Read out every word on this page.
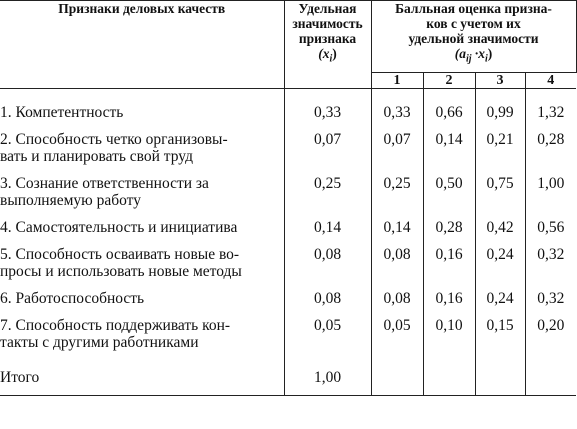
Признаки деловых качеств	Удельная
значимость
признака
$(x_i)$	Балльная оценка призна-
ков с учетом их
удельной значимости
$(a_{ij} \cdot x_i)$			

		1	2	3	4

1. Компетентность	0,33	0,33	0,66	0,99	1,32

2. Способность четко организовы-
вать и планировать свой труд	0,07	0,07	0,14	0,21	0,28

3. Сознание ответственности за
выполняемую работу	0,25	0,25	0,50	0,75	1,00

4. Самостоятельность и инициатива	0,14	0,14	0,28	0,42	0,56

5. Способность осваивать новые во-
просы и использовать новые методы	0,08	0,08	0,16	0,24	0,32

6. Работоспособность	0,08	0,08	0,16	0,24	0,32

7. Способность поддерживать кон-
такты с другими работниками	0,05	0,05	0,10	0,15	0,20
Итого	1,00				
